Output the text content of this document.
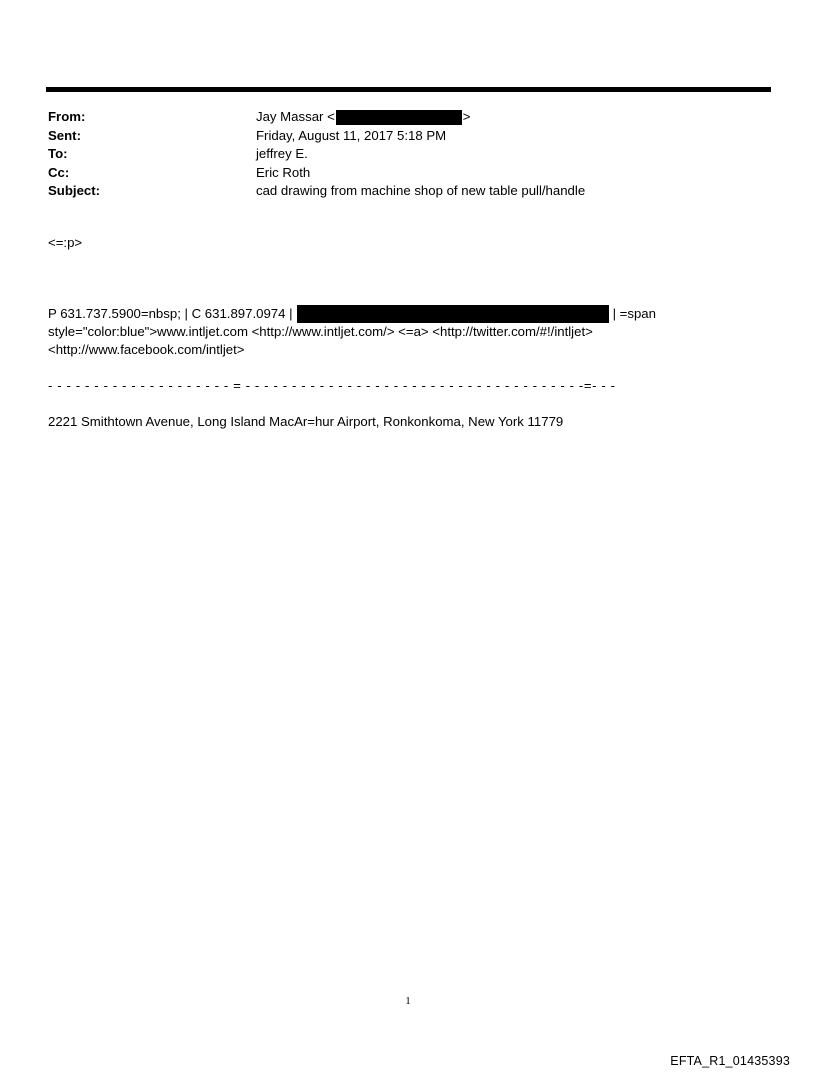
From:	Jay Massar <	>
Sent:	Friday, August 11, 2017 5:18 PM
To:	jeffrey E.
Cc:	Eric Roth
Subject:	cad drawing from machine shop of new table pull/handle
<=:p>
P 631.737.5900=nbsp; | C 631.897.0974 |	| =span
style="color:blue">www.intljet.com <http://www.intljet.com/> <=a> <http://twitter.com/#!/intljet>
<http://www.facebook.com/intljet>
- - - - - - - - - - - - - - - - - - - - = - - - - - - - - - - - - - - - - - - - - - - - - - - - - - - - - - - - - -=- - -
2221 Smithtown Avenue, Long Island MacAr=hur Airport, Ronkonkoma, New York 11779
1
EFTA_R1_01435393
